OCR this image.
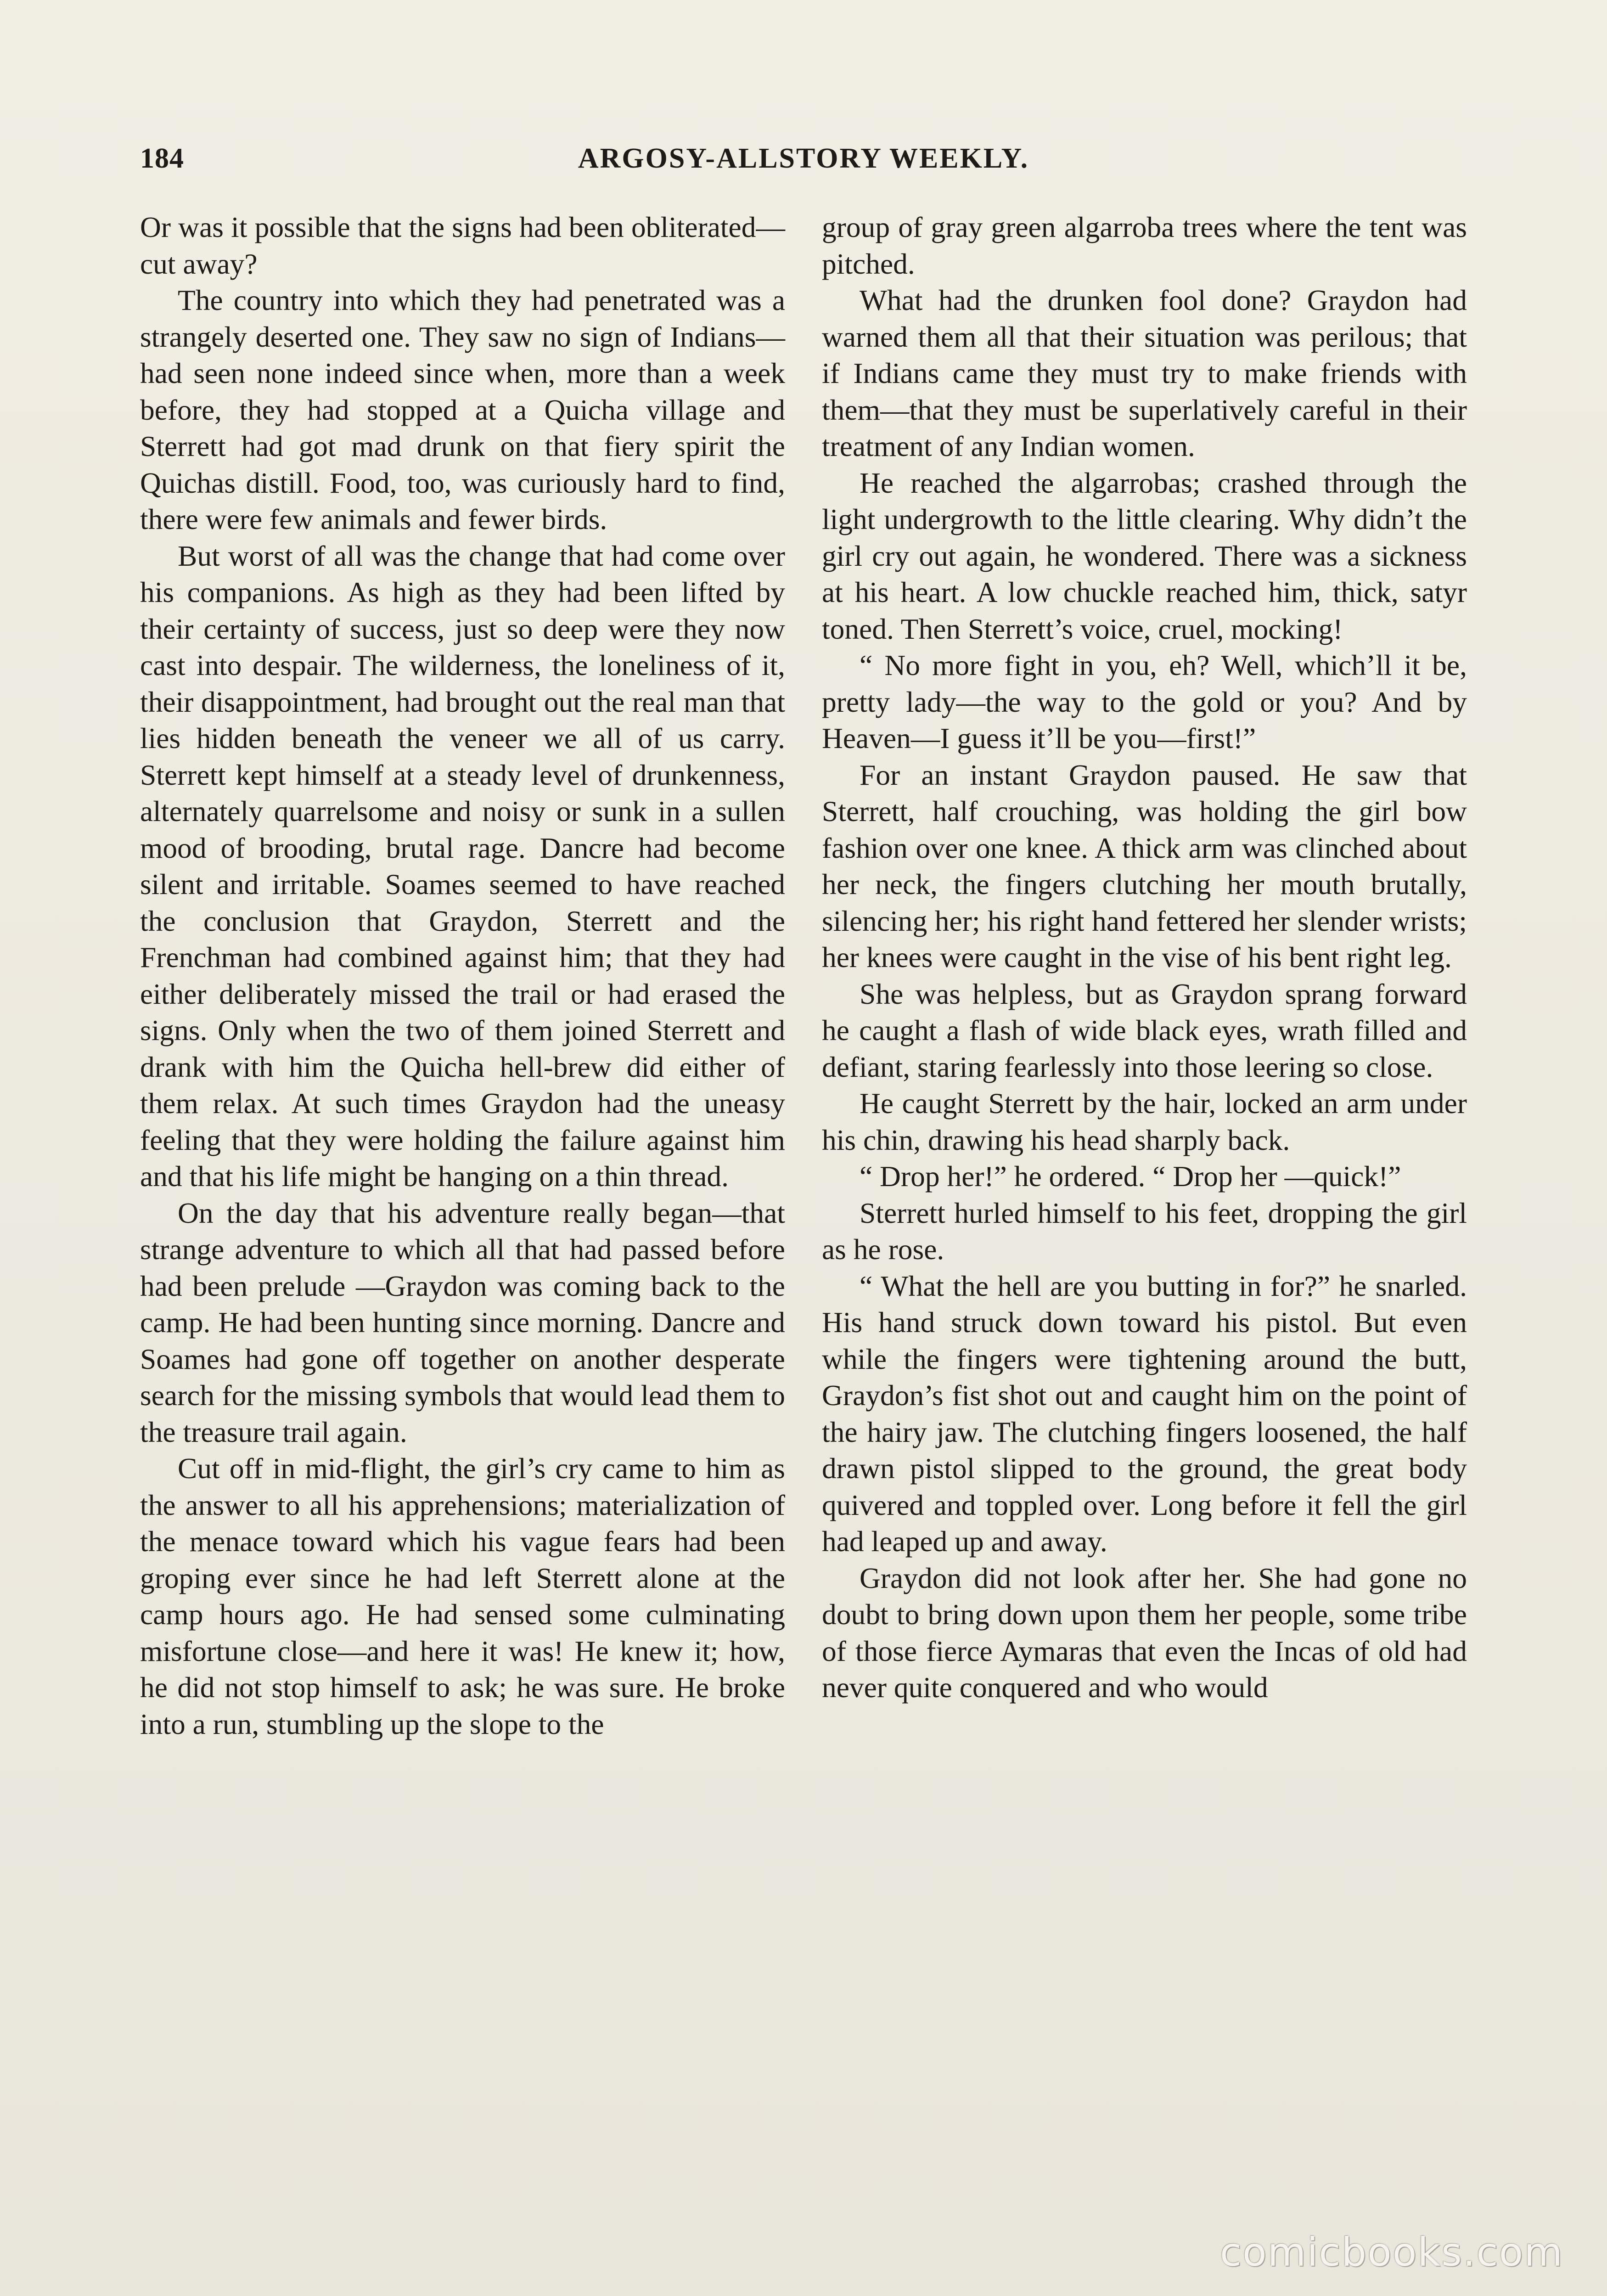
184	ARGOSY-ALLSTORY WEEKLY.

Or was it possible that the signs had been obliterated—cut away?

The country into which they had penetrated was a strangely deserted one. They saw no sign of Indians—had seen none indeed since when, more than a week before, they had stopped at a Quicha village and Sterrett had got mad drunk on that fiery spirit the Quichas distill. Food, too, was curiously hard to find, there were few animals and fewer birds.

But worst of all was the change that had come over his companions. As high as they had been lifted by their certainty of success, just so deep were they now cast into despair. The wilderness, the loneliness of it, their disappointment, had brought out the real man that lies hidden beneath the veneer we all of us carry. Sterrett kept himself at a steady level of drunkenness, alternately quarrelsome and noisy or sunk in a sullen mood of brooding, brutal rage. Dancre had become silent and irritable. Soames seemed to have reached the conclusion that Graydon, Sterrett and the Frenchman had combined against him; that they had either deliberately missed the trail or had erased the signs. Only when the two of them joined Sterrett and drank with him the Quicha hell-brew did either of them relax. At such times Graydon had the uneasy feeling that they were holding the failure against him and that his life might be hanging on a thin thread.

On the day that his adventure really began—that strange adventure to which all that had passed before had been prelude —Graydon was coming back to the camp. He had been hunting since morning. Dancre and Soames had gone off together on another desperate search for the missing symbols that would lead them to the treasure trail again.

Cut off in mid-flight, the girl’s cry came to him as the answer to all his apprehensions; materialization of the menace toward which his vague fears had been groping ever since he had left Sterrett alone at the camp hours ago. He had sensed some culminating misfortune close—and here it was! He knew it; how, he did not stop himself to ask; he was sure. He broke into a run, stumbling up the slope to the

group of gray green algarroba trees where the tent was pitched.

What had the drunken fool done? Graydon had warned them all that their situation was perilous; that if Indians came they must try to make friends with them—that they must be superlatively careful in their treatment of any Indian women.

He reached the algarrobas; crashed through the light undergrowth to the little clearing. Why didn’t the girl cry out again, he wondered. There was a sickness at his heart. A low chuckle reached him, thick, satyr toned. Then Sterrett’s voice, cruel, mocking!

“ No more fight in you, eh? Well, which’ll it be, pretty lady—the way to the gold or you? And by Heaven—I guess it’ll be you—first!”

For an instant Graydon paused. He saw that Sterrett, half crouching, was holding the girl bow fashion over one knee. A thick arm was clinched about her neck, the fingers clutching her mouth brutally, silencing her; his right hand fettered her slender wrists; her knees were caught in the vise of his bent right leg.

She was helpless, but as Graydon sprang forward he caught a flash of wide black eyes, wrath filled and defiant, staring fearlessly into those leering so close.

He caught Sterrett by the hair, locked an arm under his chin, drawing his head sharply back.

“ Drop her!” he ordered. “ Drop her —quick!”

Sterrett hurled himself to his feet, dropping the girl as he rose.

“ What the hell are you butting in for?” he snarled. His hand struck down toward his pistol. But even while the fingers were tightening around the butt, Graydon’s fist shot out and caught him on the point of the hairy jaw. The clutching fingers loosened, the half drawn pistol slipped to the ground, the great body quivered and toppled over. Long before it fell the girl had leaped up and away.

Graydon did not look after her. She had gone no doubt to bring down upon them her people, some tribe of those fierce Aymaras that even the Incas of old had never quite conquered and who would

comicbooks.com
